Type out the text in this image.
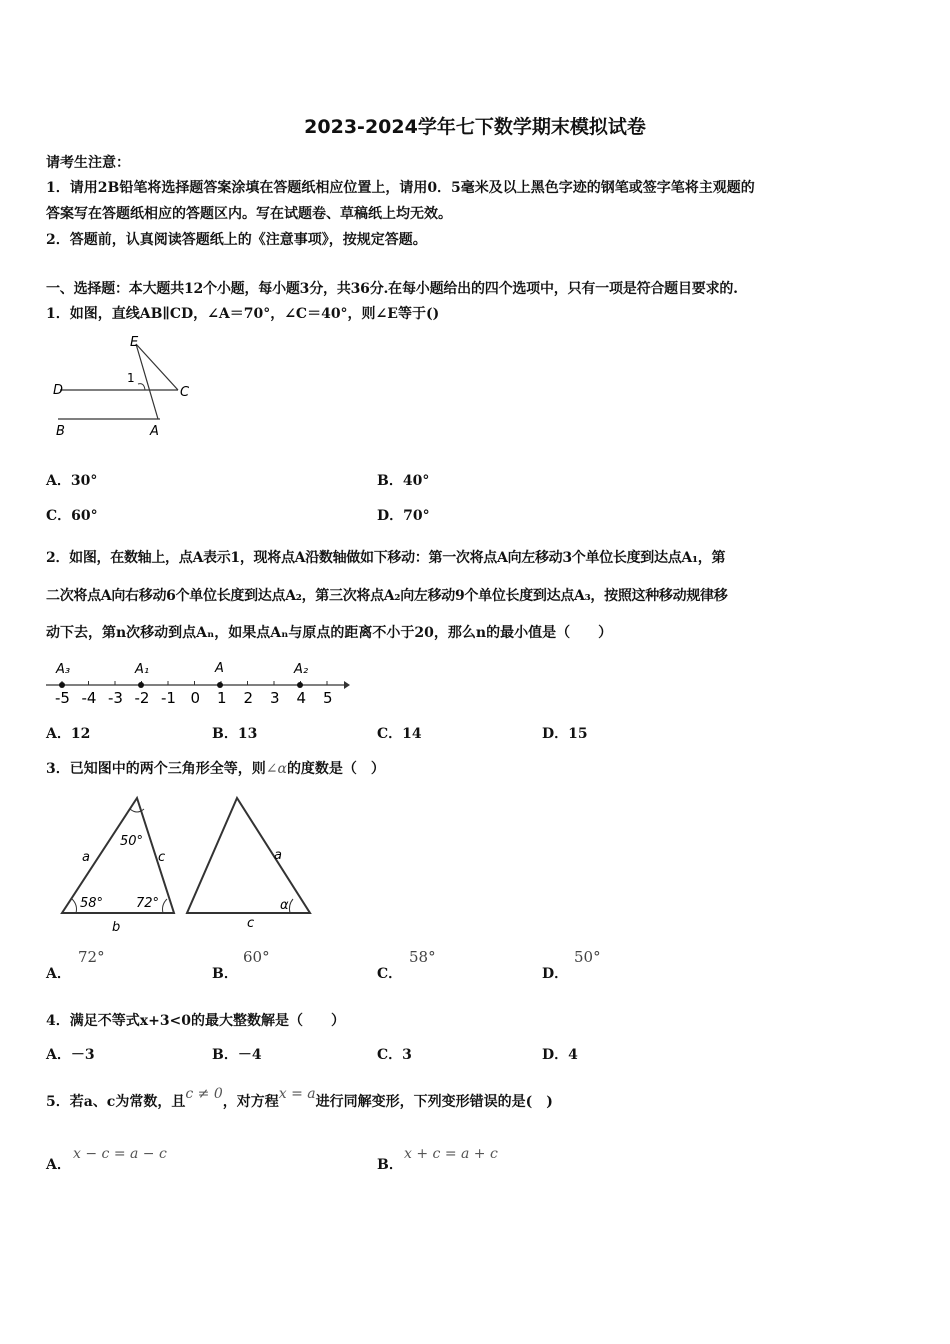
2023-2024学年七下数学期末模拟试卷
请考生注意：
1．请用2B铅笔将选择题答案涂填在答题纸相应位置上，请用0．5毫米及以上黑色字迹的钢笔或签字笔将主观题的
答案写在答题纸相应的答题区内。写在试题卷、草稿纸上均无效。
2．答题前，认真阅读答题纸上的《注意事项》，按规定答题。
一、选择题：本大题共12个小题，每小题3分，共36分.在每小题给出的四个选项中，只有一项是符合题目要求的.
1．如图，直线AB∥CD，∠A＝70°，∠C＝40°，则∠E等于()
E
1
D	C
B	A
A．30°	B．40°
C．60°	D．70°
2．如图，在数轴上，点A表示1，现将点A沿数轴做如下移动：第一次将点A向左移动3个单位长度到达点A₁，第
二次将点A向右移动6个单位长度到达点A₂，第三次将点A₂向左移动9个单位长度到达点A₃，按照这种移动规律移
动下去，第n次移动到点Aₙ，如果点Aₙ与原点的距离不小于20，那么n的最小值是（　　）
-5 -4 -3 -2 -1 0 1 2 3 4 5
A₃	A₁	A	A₂
A．12	B．13	C．14	D．15
3．已知图中的两个三角形全等，则∠α的度数是（　）
50°
a	c
58°	72°
b
a
α
c
A．
72°
B．
60°
C．
58°
D．
50°
4．满足不等式x+3<0的最大整数解是（　　）
A．－3	B．－4	C．3	D．4
5．若a、c为常数，且c ≠ 0，对方程x = a进行同解变形，下列变形错误的是(　)
A．
x − c = a − c
B．
x + c = a + c
